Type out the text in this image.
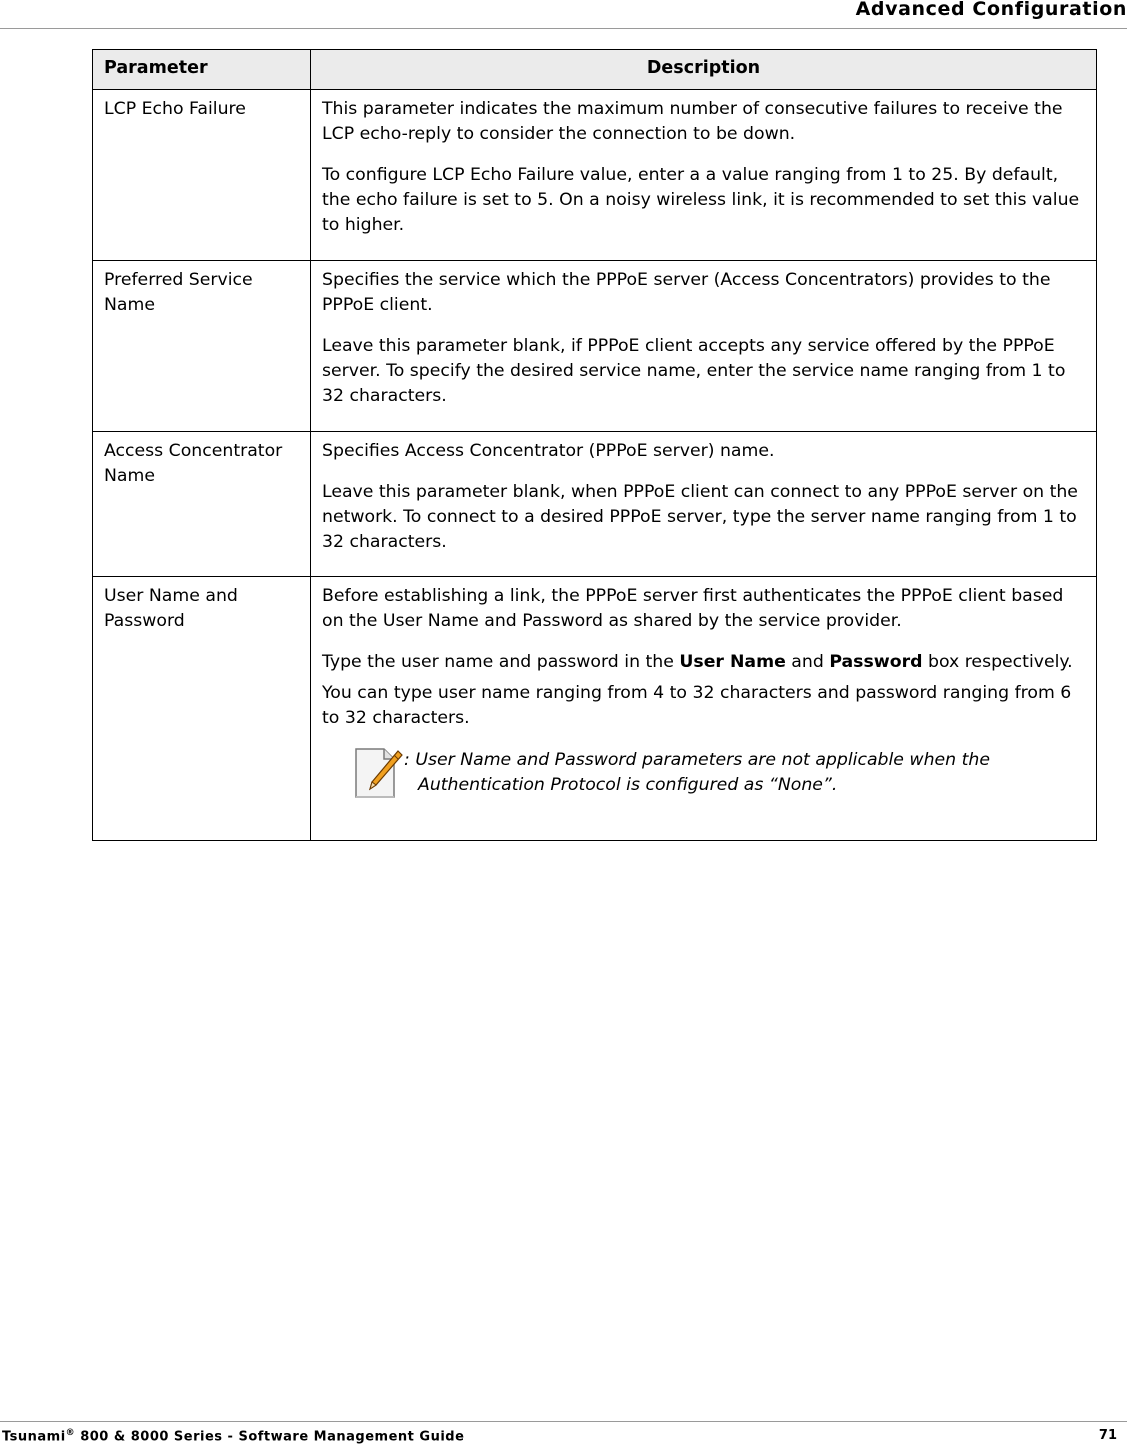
Advanced Configuration
Parameter	Description
LCP Echo Failure	This parameter indicates the maximum number of consecutive failures to receive the LCP echo-reply to consider the connection to be down.

To configure LCP Echo Failure value, enter a a value ranging from 1 to 25. By default, the echo failure is set to 5. On a noisy wireless link, it is recommended to set this value to higher.

Preferred Service Name	Specifies the service which the PPPoE server (Access Concentrators) provides to the PPPoE client.

Leave this parameter blank, if PPPoE client accepts any service offered by the PPPoE server. To specify the desired service name, enter the service name ranging from 1 to 32 characters.

Access Concentrator Name	Specifies Access Concentrator (PPPoE server) name.

Leave this parameter blank, when PPPoE client can connect to any PPPoE server on the network. To connect to a desired PPPoE server, type the server name ranging from 1 to 32 characters.

User Name and Password	Before establishing a link, the PPPoE server first authenticates the PPPoE client based on the User Name and Password as shared by the service provider.

Type the user name and password in the User Name and Password box respectively.

You can type user name ranging from 4 to 32 characters and password ranging from 6 to 32 characters.

: User Name and Password parameters are not applicable when the
Authentication Protocol is configured as “None”.
Tsunami® 800 & 8000 Series - Software Management Guide	71
